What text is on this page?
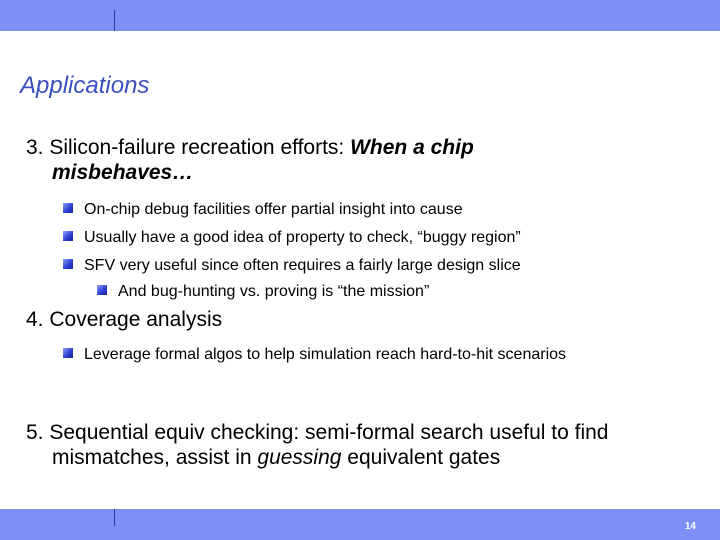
Applications
3. Silicon-failure recreation efforts: When a chip
misbehaves…
On-chip debug facilities offer partial insight into cause
Usually have a good idea of property to check, “buggy region”
SFV very useful since often requires a fairly large design slice
And bug-hunting vs. proving is “the mission”
4. Coverage analysis
Leverage formal algos to help simulation reach hard-to-hit scenarios
5. Sequential equiv checking: semi-formal search useful to find
mismatches, assist in guessing equivalent gates
14
